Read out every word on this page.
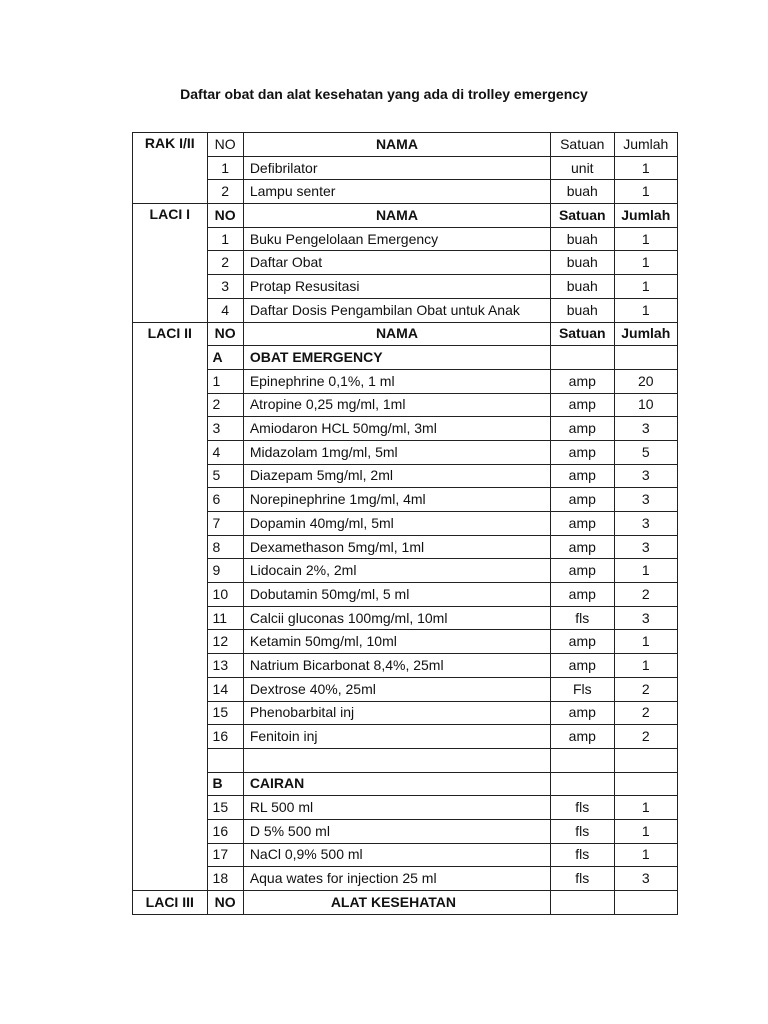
Daftar obat dan alat kesehatan yang ada di trolley emergency
RAK I/II	NO	NAMA	Satuan	Jumlah
	1	Defibrilator	unit	1
	2	Lampu senter	buah	1
LACI I	NO	NAMA	Satuan	Jumlah
	1	Buku Pengelolaan Emergency	buah	1
	2	Daftar Obat	buah	1
	3	Protap Resusitasi	buah	1
	4	Daftar Dosis Pengambilan Obat untuk Anak	buah	1
LACI II	NO	NAMA	Satuan	Jumlah
	A	OBAT EMERGENCY		
	1	Epinephrine 0,1%, 1 ml	amp	20
	2	Atropine 0,25 mg/ml, 1ml	amp	10
	3	Amiodaron HCL 50mg/ml, 3ml	amp	3
	4	Midazolam 1mg/ml, 5ml	amp	5
	5	Diazepam 5mg/ml, 2ml	amp	3
	6	Norepinephrine 1mg/ml, 4ml	amp	3
	7	Dopamin 40mg/ml, 5ml	amp	3
	8	Dexamethason 5mg/ml, 1ml	amp	3
	9	Lidocain 2%, 2ml	amp	1
	10	Dobutamin 50mg/ml, 5 ml	amp	2
	11	Calcii gluconas 100mg/ml, 10ml	fls	3
	12	Ketamin 50mg/ml, 10ml	amp	1
	13	Natrium Bicarbonat 8,4%, 25ml	amp	1
	14	Dextrose 40%, 25ml	Fls	2
	15	Phenobarbital inj	amp	2
	16	Fenitoin inj	amp	2

	B	CAIRAN		
	15	RL 500 ml	fls	1
	16	D 5% 500 ml	fls	1
	17	NaCl 0,9% 500 ml	fls	1
	18	Aqua wates for injection 25 ml	fls	3
LACI III	NO	ALAT KESEHATAN		
